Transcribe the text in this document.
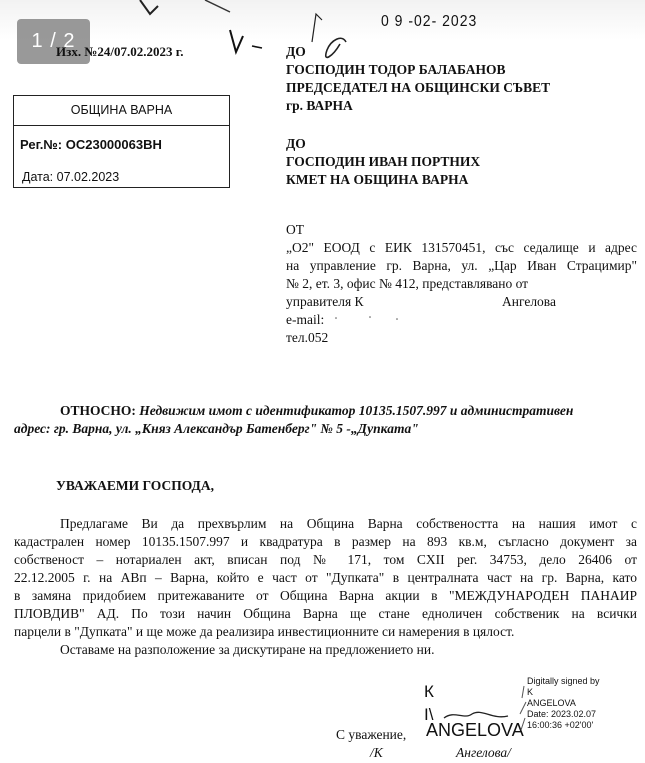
1 / 2
Изх. №24/07.02.2023 г.
0 9 -02- 2023
ОБЩИНА ВАРНА
Рег.№: ОС23000063ВН
Дата: 07.02.2023
ДО
ГОСПОДИН ТОДОР БАЛАБАНОВ
ПРЕДСЕДАТЕЛ НА ОБЩИНСКИ СЪВЕТ
гр. ВАРНА
ДО
ГОСПОДИН ИВАН ПОРТНИХ
КМЕТ НА ОБЩИНА ВАРНА
ОТ
„О2" ЕООД с ЕИК 131570451, със седалище и адрес
на управление гр. Варна, ул. „Цар Иван Страцимир"
№ 2, ет. 3, офис № 412, представлявано от
управителя К	Ангелова
e-mail:
тел.052
ОТНОСНО: Недвижим имот с идентификатор 10135.1507.997 и административен
адрес: гр. Варна, ул. „Княз Александър Батенберг" № 5 -„Дупката"
УВАЖАЕМИ ГОСПОДА,
Предлагаме Ви да прехвърлим на Община Варна собствеността на нашия имот с
кадастрален номер 10135.1507.997 и квадратура в размер на 893 кв.м, съгласно документ за
собственост – нотариален акт, вписан под № 171, том CXII рег. 34753, дело 26406 от
22.12.2005 г. на АВп – Варна, който е част от "Дупката" в централната част на гр. Варна, като
в замяна придобием притежаваните от Община Варна акции в "МЕЖДУНАРОДЕН ПАНАИР
ПЛОВДИВ" АД. По този начин Община Варна ще стане едноличен собственик на всички
парцели в "Дупката" и ще може да реализира инвестиционните си намерения в цялост.
Оставаме на разположение за дискутиране на предложението ни.
К
I\
С уважение, ANGELOVA
/К	Ангелова/
Digitally signed by
K
ANGELOVA
Date: 2023.02.07
16:00:36 +02'00'
